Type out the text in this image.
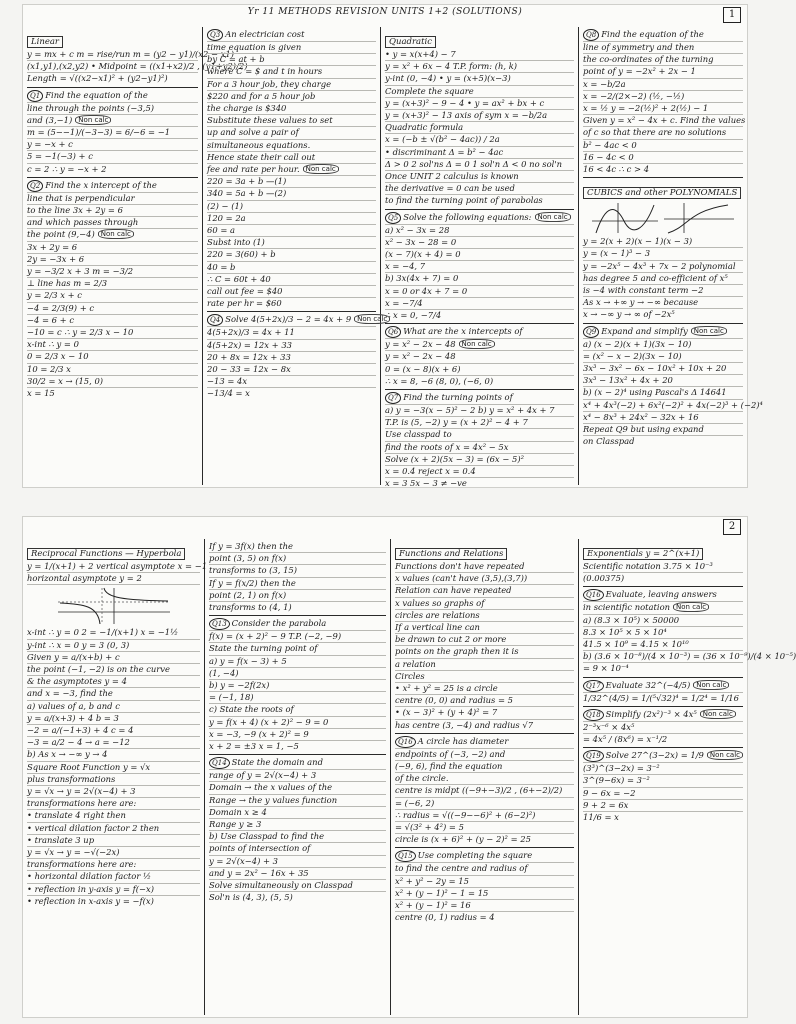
Yr 11 METHODS REVISION UNITS 1+2 (SOLUTIONS)	1
Linear
y = mx + c m = rise/run m = (y2 − y1)/(x2 − x1)
(x1,y1),(x2,y2) • Midpoint = ((x1+x2)/2 , (y1+y2)/2)
Length = √((x2−x1)² + (y2−y1)²)
Q1 Find the equation of the
line through the points (−3,5)
and (3,−1) Non calc
m = (5−−1)/(−3−3) = 6/−6 = −1
y = −x + c
5 = −1(−3) + c
c = 2 ∴ y = −x + 2
Q2 Find the x intercept of the
line that is perpendicular
to the line 3x + 2y = 6
and which passes through
the point (9,−4) Non calc
3x + 2y = 6
2y = −3x + 6
y = −3/2 x + 3 m = −3/2
⊥ line has m = 2/3
y = 2/3 x + c
−4 = 2/3(9) + c
−4 = 6 + c
−10 = c ∴ y = 2/3 x − 10
x-int ∴ y = 0
0 = 2/3 x − 10
10 = 2/3 x
30/2 = x → (15, 0)
x = 15
Q3 An electrician cost
time equation is given
by C = at + b
where C = $ and t in hours
For a 3 hour job, they charge
$220 and for a 5 hour job
the charge is $340
Substitute these values to set
up and solve a pair of
simultaneous equations.
Hence state their call out
fee and rate per hour. Non calc
220 = 3a + b —(1)
340 = 5a + b —(2)
(2) − (1)
120 = 2a
60 = a
Subst into (1)
220 = 3(60) + b
40 = b
∴ C = 60t + 40
call out fee = $40
rate per hr = $60
Q4 Solve 4(5+2x)/3 − 2 = 4x + 9 Non calc
4(5+2x)/3 = 4x + 11
4(5+2x) = 12x + 33
20 + 8x = 12x + 33
20 − 33 = 12x − 8x
−13 = 4x
−13/4 = x
Quadratic
• y = x(x+4) − 7
y = x² + 6x − 4 T.P. form: (h, k)
y-int (0, −4) • y = (x+5)(x−3)
Complete the square
y = (x+3)² − 9 − 4 • y = ax² + bx + c
y = (x+3)² − 13 axis of sym x = −b/2a
Quadratic formula
x = (−b ± √(b² − 4ac)) / 2a
• discriminant Δ = b² − 4ac
Δ > 0 2 sol'ns Δ = 0 1 sol'n Δ < 0 no sol'n
Once UNIT 2 calculus is known
the derivative = 0 can be used
to find the turning point of parabolas
Q5 Solve the following equations: Non calc
a) x² − 3x = 28
x² − 3x − 28 = 0
(x − 7)(x + 4) = 0
x = −4, 7
b) 3x(4x + 7) = 0
x = 0 or 4x + 7 = 0
x = −7/4
∴ x = 0, −7/4
Q6 What are the x intercepts of
y = x² − 2x − 48 Non calc
y = x² − 2x − 48
0 = (x − 8)(x + 6)
∴ x = 8, −6 (8, 0), (−6, 0)
Q7 Find the turning points of
a) y = −3(x − 5)² − 2 b) y = x² + 4x + 7
T.P. is (5, −2) y = (x + 2)² − 4 + 7
Use classpad to
find the roots of x = 4x² − 5x
Solve (x + 2)(5x − 3) = (6x − 5)²
x = 0.4 reject x = 0.4
x = 3 5x − 3 ≠ −ve
Q8 Find the equation of the
line of symmetry and then
the co-ordinates of the turning
point of y = −2x² + 2x − 1
x = −b/2a
x = −2/(2×−2) (½, −½)
x = ½ y = −2(½)² + 2(½) − 1
Given y = x² − 4x + c. Find the values
of c so that there are no solutions
b² − 4ac < 0
16 − 4c < 0
16 < 4c ∴ c > 4
CUBICS and other POLYNOMIALS
y = 2(x + 2)(x − 1)(x − 3)
y = (x − 1)³ − 3
y = −2x⁵ − 4x³ + 7x − 2 polynomial
has degree 5 and co-efficient of x⁵
is −4 with constant term −2
As x → +∞ y → −∞ because
x → −∞ y → ∞ of −2x⁵
Q9 Expand and simplify Non calc
a) (x − 2)(x + 1)(3x − 10)
= (x² − x − 2)(3x − 10)
3x³ − 3x² − 6x − 10x² + 10x + 20
3x³ − 13x² + 4x + 20
b) (x − 2)⁴ using Pascal's Δ 14641
x⁴ + 4x³(−2) + 6x²(−2)² + 4x(−2)³ + (−2)⁴
x⁴ − 8x³ + 24x² − 32x + 16
Repeat Q9 but using expand
on Classpad
2
Reciprocal Functions — Hyperbola
y = 1/(x+1) + 2 vertical asymptote x = −1
horizontal asymptote y = 2
x-int ∴ y = 0 2 = −1/(x+1) x = −1½
y-int ∴ x = 0 y = 3 (0, 3)
Given y = a/(x+b) + c
the point (−1, −2) is on the curve
& the asymptotes y = 4
and x = −3, find the
a) values of a, b and c
y = a/(x+3) + 4 b = 3
−2 = a/(−1+3) + 4 c = 4
−3 = a/2 − 4 → a = −12
b) As x → −∞ y → 4
Square Root Function y = √x
plus transformations
y = √x → y = 2√(x−4) + 3
transformations here are:
• translate 4 right then
• vertical dilation factor 2 then
• translate 3 up
y = √x → y = −√(−2x)
transformations here are:
• horizontal dilation factor ½
• reflection in y-axis y = f(−x)
• reflection in x-axis y = −f(x)
If y = 3f(x) then the
point (3, 5) on f(x)
transforms to (3, 15)
If y = f(x/2) then the
point (2, 1) on f(x)
transforms to (4, 1)
Q13 Consider the parabola
f(x) = (x + 2)² − 9 T.P. (−2, −9)
State the turning point of
a) y = f(x − 3) + 5
(1, −4)
b) y = −2f(2x)
= (−1, 18)
c) State the roots of
y = f(x + 4) (x + 2)² − 9 = 0
x = −3, −9 (x + 2)² = 9
x + 2 = ±3 x = 1, −5
Q14 State the domain and
range of y = 2√(x−4) + 3
Domain → the x values of the
Range → the y values function
Domain x ≥ 4
Range y ≥ 3
b) Use Classpad to find the
points of intersection of
y = 2√(x−4) + 3
and y = 2x² − 16x + 35
Solve simultaneously on Classpad
Sol'n is (4, 3), (5, 5)
Functions and Relations
Functions don't have repeated
x values (can't have (3,5),(3,7))
Relation can have repeated
x values so graphs of
circles are relations
If a vertical line can
be drawn to cut 2 or more
points on the graph then it is
a relation
Circles
• x² + y² = 25 is a circle
centre (0, 0) and radius = 5
• (x − 3)² + (y + 4)² = 7
has centre (3, −4) and radius √7
Q16 A circle has diameter
endpoints of (−3, −2) and
(−9, 6), find the equation
of the circle.
centre is midpt ((−9+−3)/2 , (6+−2)/2)
= (−6, 2)
∴ radius = √((−9−−6)² + (6−2)²)
= √(3² + 4²) = 5
circle is (x + 6)² + (y − 2)² = 25
Q15 Use completing the square
to find the centre and radius of
x² + y² − 2y = 15
x² + (y − 1)² − 1 = 15
x² + (y − 1)² = 16
centre (0, 1) radius = 4
Exponentials y = 2^(x+1)
Scientific notation 3.75 × 10⁻³
(0.00375)
Q16 Evaluate, leaving answers
in scientific notation Non calc
a) (8.3 × 10⁵) × 50000
8.3 × 10⁵ × 5 × 10⁴
41.5 × 10⁹ = 4.15 × 10¹⁰
b) (3.6 × 10⁻⁸)/(4 × 10⁻³) = (36 × 10⁻⁹)/(4 × 10⁻⁵)
= 9 × 10⁻⁴
Q17 Evaluate 32^(−4/5) Non calc
1/32^(4/5) = 1/(⁵√32)⁴ = 1/2⁴ = 1/16
Q18 Simplify (2x²)⁻³ × 4x⁵ Non calc
2⁻³x⁻⁶ × 4x⁵
= 4x⁵ / (8x⁶) = x⁻¹/2
Q19 Solve 27^(3−2x) = 1/9 Non calc
(3³)^(3−2x) = 3⁻²
3^(9−6x) = 3⁻²
9 − 6x = −2
9 + 2 = 6x
11/6 = x
